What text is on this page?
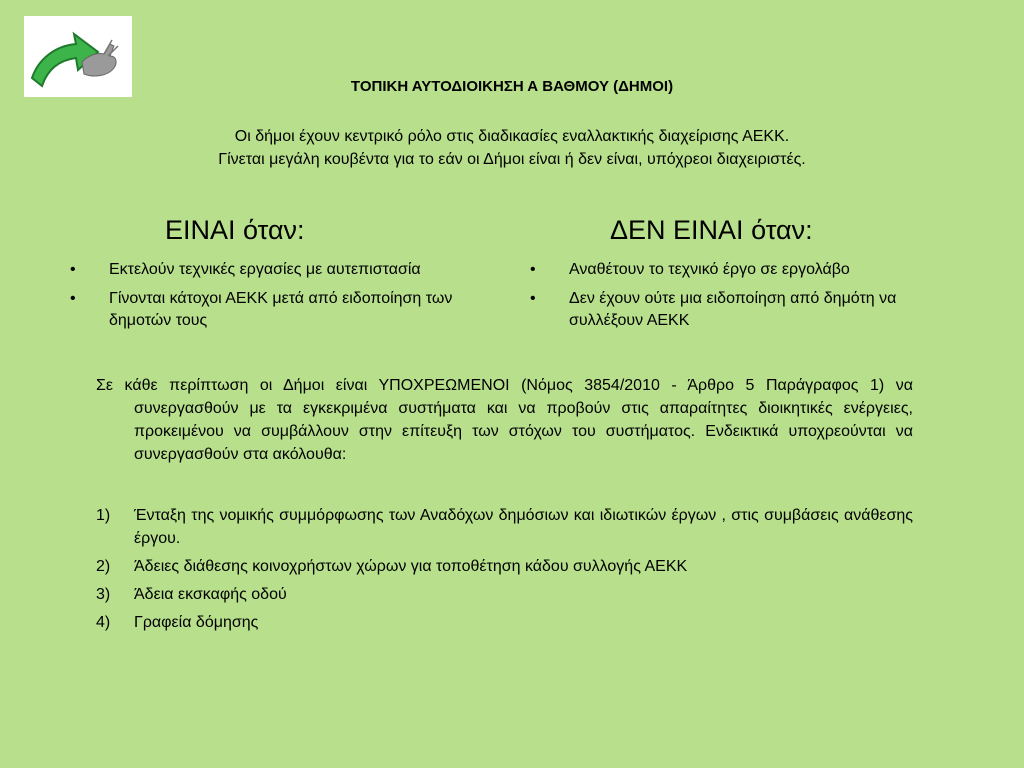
ΤΟΠΙΚΗ ΑΥΤΟΔΙΟΙΚΗΣΗ Α ΒΑΘΜΟΥ (ΔΗΜΟΙ)
Οι δήμοι έχουν κεντρικό ρόλο στις διαδικασίες εναλλακτικής διαχείρισης ΑΕΚΚ.
Γίνεται μεγάλη κουβέντα για το εάν οι Δήμοι είναι ή δεν είναι, υπόχρεοι διαχειριστές.
ΕΙΝΑΙ όταν:	ΔΕΝ ΕΙΝΑΙ όταν:
• Εκτελούν τεχνικές εργασίες με αυτεπιστασία
• Γίνονται κάτοχοι ΑΕΚΚ μετά από ειδοποίηση των δημοτών τους
• Αναθέτουν το τεχνικό έργο σε εργολάβο
• Δεν έχουν ούτε μια ειδοποίηση από δημότη να συλλέξουν ΑΕΚΚ
Σε κάθε περίπτωση οι Δήμοι είναι ΥΠΟΧΡΕΩΜΕΝΟΙ (Νόμος 3854/2010 - Άρθρο 5 Παράγραφος 1) να συνεργασθούν με τα εγκεκριμένα συστήματα και να προβούν στις απαραίτητες διοικητικές ενέργειες, προκειμένου να συμβάλλουν στην επίτευξη των στόχων του συστήματος. Ενδεικτικά υποχρεούνται να συνεργασθούν στα ακόλουθα:
1) Ένταξη της νομικής συμμόρφωσης των Αναδόχων δημόσιων και ιδιωτικών έργων , στις συμβάσεις ανάθεσης έργου.
2) Άδειες διάθεσης κοινοχρήστων χώρων για τοποθέτηση κάδου συλλογής ΑΕΚΚ
3) Άδεια εκσκαφής οδού
4) Γραφεία δόμησης
